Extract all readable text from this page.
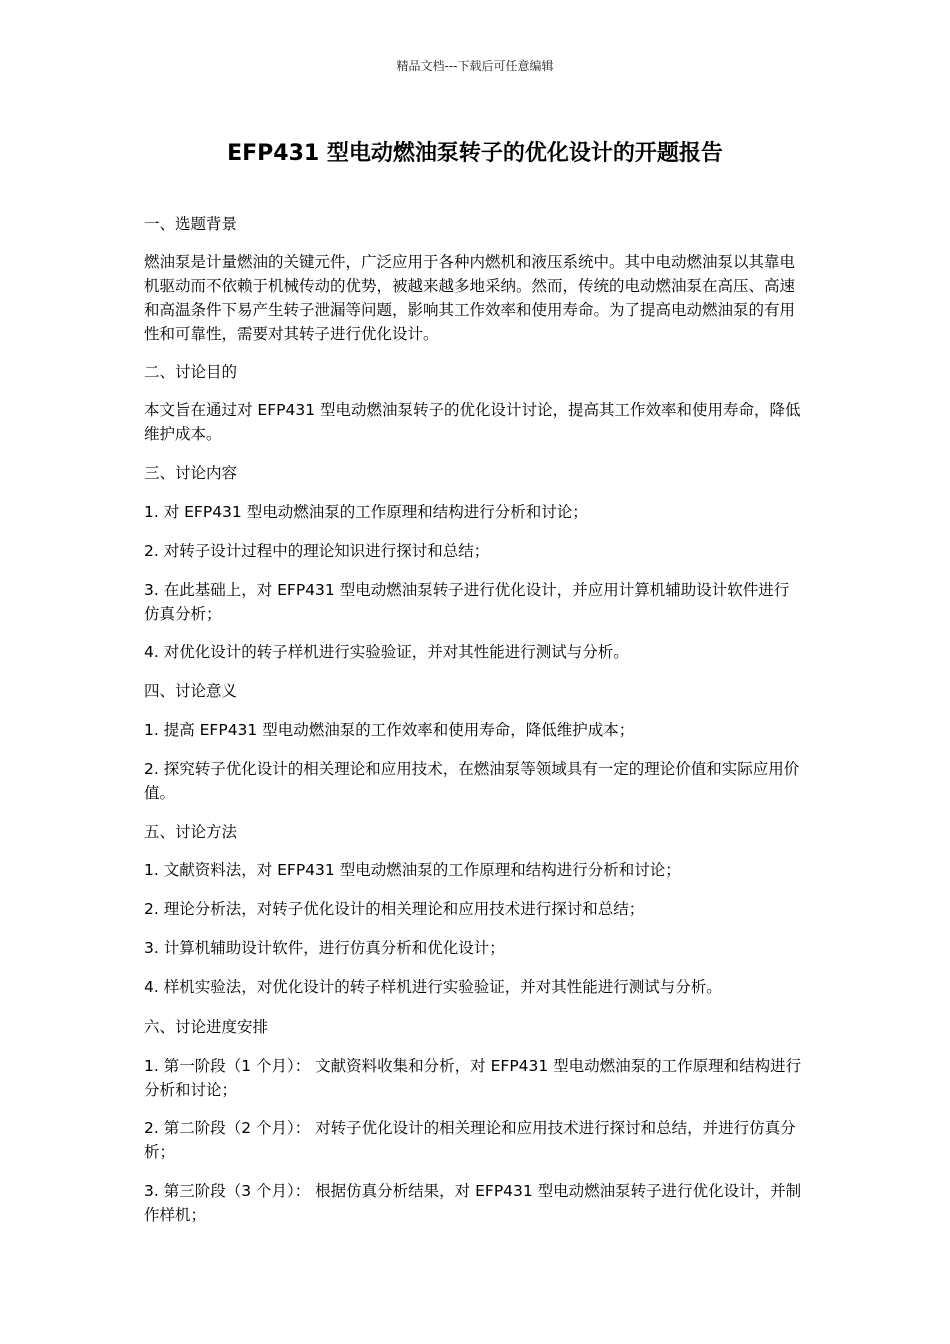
精品文档---下载后可任意编辑
EFP431 型电动燃油泵转子的优化设计的开题报告

一、选题背景

燃油泵是计量燃油的关键元件，广泛应用于各种内燃机和液压系统中。其中电动燃油泵以其靠电机驱动而不依赖于机械传动的优势，被越来越多地采纳。然而，传统的电动燃油泵在高压、高速和高温条件下易产生转子泄漏等问题，影响其工作效率和使用寿命。为了提高电动燃油泵的有用性和可靠性，需要对其转子进行优化设计。

二、讨论目的

本文旨在通过对 EFP431 型电动燃油泵转子的优化设计讨论，提高其工作效率和使用寿命，降低维护成本。

三、讨论内容

1. 对 EFP431 型电动燃油泵的工作原理和结构进行分析和讨论；

2. 对转子设计过程中的理论知识进行探讨和总结；

3. 在此基础上，对 EFP431 型电动燃油泵转子进行优化设计，并应用计算机辅助设计软件进行仿真分析；

4. 对优化设计的转子样机进行实验验证，并对其性能进行测试与分析。

四、讨论意义

1. 提高 EFP431 型电动燃油泵的工作效率和使用寿命，降低维护成本；

2. 探究转子优化设计的相关理论和应用技术，在燃油泵等领域具有一定的理论价值和实际应用价值。

五、讨论方法

1. 文献资料法，对 EFP431 型电动燃油泵的工作原理和结构进行分析和讨论；

2. 理论分析法，对转子优化设计的相关理论和应用技术进行探讨和总结；

3. 计算机辅助设计软件，进行仿真分析和优化设计；

4. 样机实验法，对优化设计的转子样机进行实验验证，并对其性能进行测试与分析。

六、讨论进度安排

1. 第一阶段（1 个月）： 文献资料收集和分析，对 EFP431 型电动燃油泵的工作原理和结构进行分析和讨论；

2. 第二阶段（2 个月）： 对转子优化设计的相关理论和应用技术进行探讨和总结，并进行仿真分析；

3. 第三阶段（3 个月）： 根据仿真分析结果，对 EFP431 型电动燃油泵转子进行优化设计，并制作样机；
